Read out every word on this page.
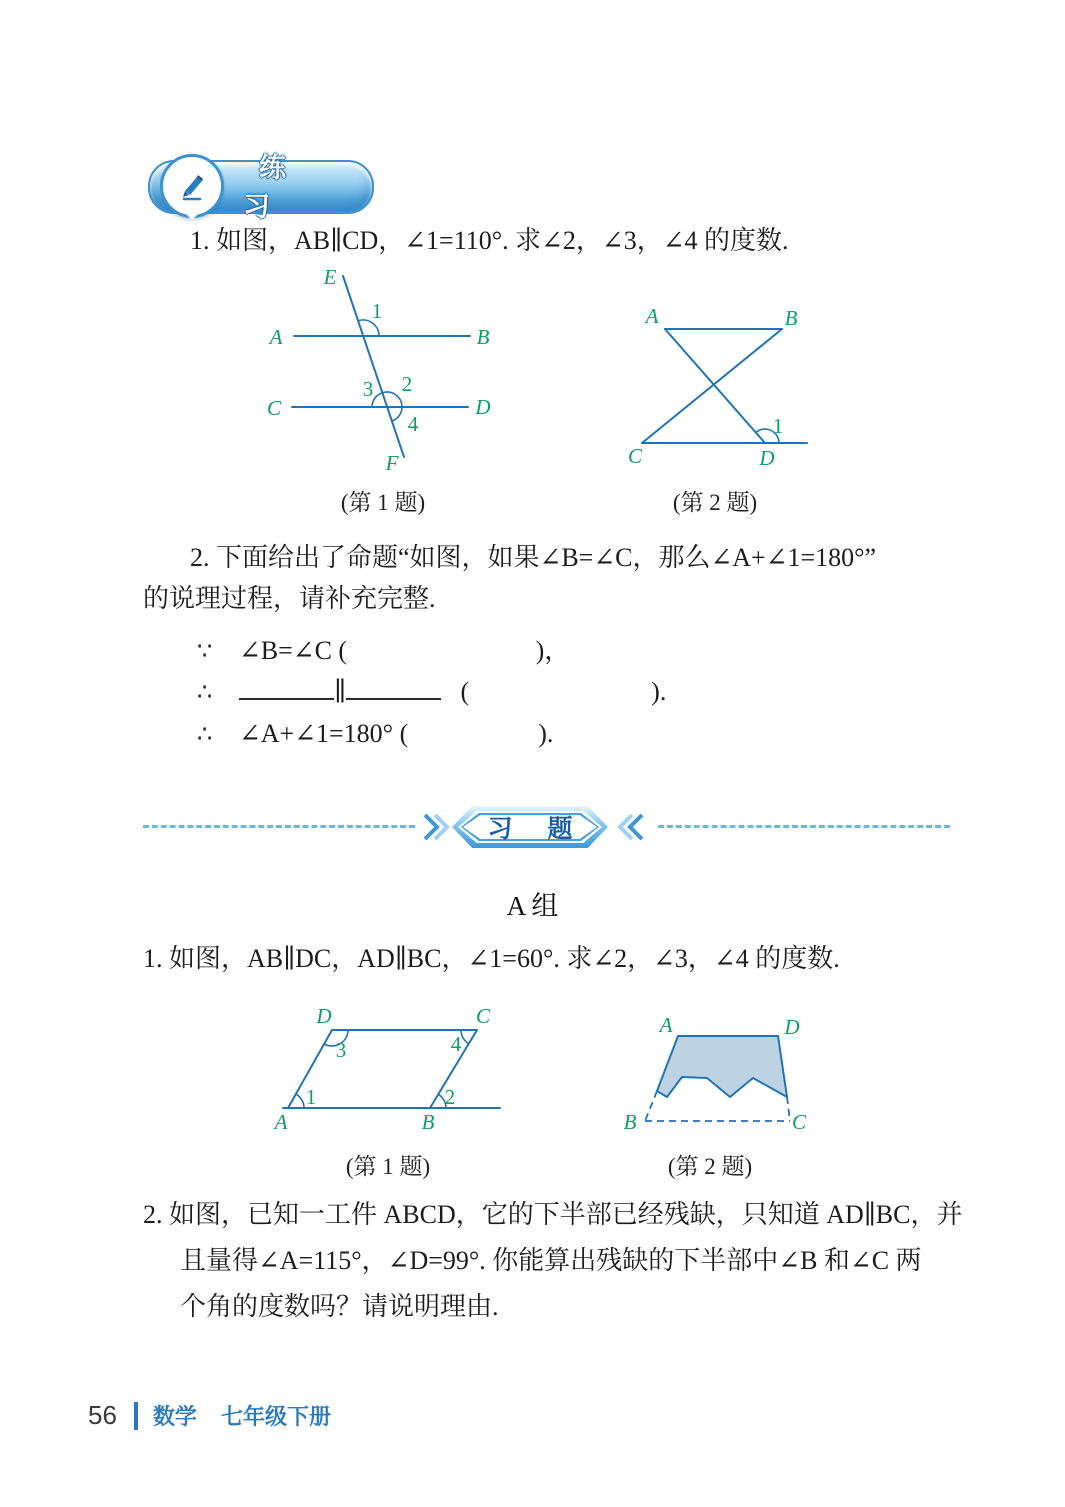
练 习
1. 如图，AB∥CD，∠1=110°. 求∠2，∠3，∠4 的度数.
E
A	B
C	D
F
1
2
3
4
A	B
C	D
1
(第 1 题)	(第 2 题)
2. 下面给出了命题“如图，如果∠B=∠C，那么∠A+∠1=180°”
的说理过程，请补充完整.
∵	∠B=∠C (                             )，
∴	∥	(                            ).
∴	∠A+∠1=180° (                    ).
习 题
A 组
1. 如图，AB∥DC，AD∥BC，∠1=60°. 求∠2，∠3，∠4 的度数.
D	C
A	B
1	2
3	4
A	D
B	C
(第 1 题)	(第 2 题)
2. 如图，已知一工件 ABCD，它的下半部已经残缺，只知道 AD∥BC，并
且量得∠A=115°，∠D=99°. 你能算出残缺的下半部中∠B 和∠C 两
个角的度数吗？请说明理由.
56 数学 七年级下册
